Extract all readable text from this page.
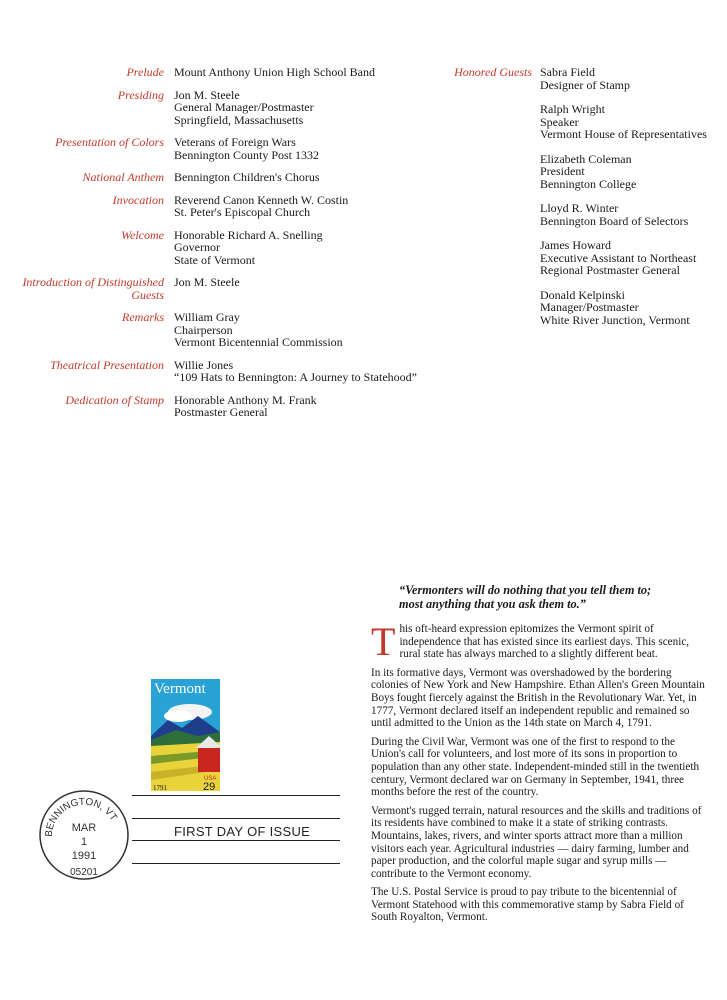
Prelude Mount Anthony Union High School Band
Presiding Jon M. Steele
General Manager/Postmaster
Springfield, Massachusetts
Presentation of Colors Veterans of Foreign Wars
Bennington County Post 1332
National Anthem Bennington Children's Chorus
Invocation Reverend Canon Kenneth W. Costin
St. Peter's Episcopal Church
Welcome Honorable Richard A. Snelling
Governor
State of Vermont
Introduction of Distinguished Guests
Jon M. Steele
Remarks William Gray
Chairperson
Vermont Bicentennial Commission
Theatrical Presentation Willie Jones
“109 Hats to Bennington: A Journey to Statehood”
Dedication of Stamp Honorable Anthony M. Frank
Postmaster General
Honored Guests Sabra Field
Designer of Stamp
Ralph Wright
Speaker
Vermont House of Representatives
Elizabeth Coleman
President
Bennington College
Lloyd R. Winter
Bennington Board of Selectors
James Howard
Executive Assistant to Northeast
Regional Postmaster General
Donald Kelpinski
Manager/Postmaster
White River Junction, Vermont
Vermont
USA
29
1791
FIRST DAY OF ISSUE
BENNINGTON, VT
MAR
1
1991
05201
“Vermonters will do nothing that you tell them to;
most anything that you ask them to.”

This oft-heard expression epitomizes the Vermont spirit of independence that has existed since its earliest days. This scenic, rural state has always marched to a slightly different beat.

In its formative days, Vermont was overshadowed by the bordering colonies of New York and New Hampshire. Ethan Allen's Green Mountain Boys fought fiercely against the British in the Revolutionary War. Yet, in 1777, Vermont declared itself an independent republic and remained so until admitted to the Union as the 14th state on March 4, 1791.

During the Civil War, Vermont was one of the first to respond to the Union's call for volunteers, and lost more of its sons in proportion to population than any other state. Independent-minded still in the twentieth century, Vermont declared war on Germany in September, 1941, three months before the rest of the country.

Vermont's rugged terrain, natural resources and the skills and traditions of its residents have combined to make it a state of striking contrasts. Mountains, lakes, rivers, and winter sports attract more than a million visitors each year. Agricultural industries — dairy farming, lumber and paper production, and the colorful maple sugar and syrup mills — contribute to the Vermont economy.

The U.S. Postal Service is proud to pay tribute to the bicentennial of Vermont Statehood with this commemorative stamp by Sabra Field of South Royalton, Vermont.
